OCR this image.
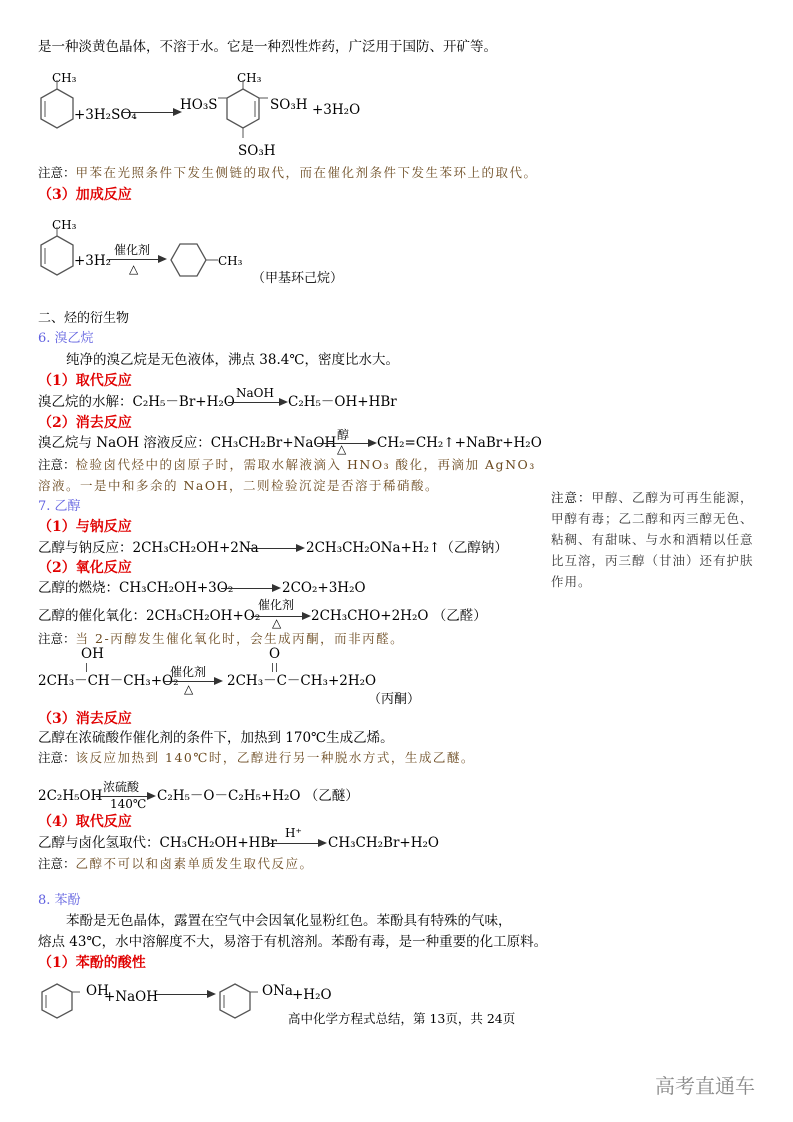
是一种淡黄色晶体，不溶于水。它是一种烈性炸药，广泛用于国防、开矿等。
CH₃
+3H₂SO₄
HO₃S
CH₃
SO₃H +3H₂O
SO₃H
注意：甲苯在光照条件下发生侧链的取代，而在催化剂条件下发生苯环上的取代。
（3）加成反应
CH₃
+3H₂
催化剂
△
CH₃
（甲基环己烷）
二、烃的衍生物
6. 溴乙烷
纯净的溴乙烷是无色液体，沸点 38.4℃，密度比水大。
（1）取代反应
溴乙烷的水解：C₂H₅－Br+H₂O
NaOH
C₂H₅－OH+HBr
（2）消去反应
溴乙烷与 NaOH 溶液反应：CH₃CH₂Br+NaOH 醇
△ CH₂=CH₂↑+NaBr+H₂O
注意：检验卤代烃中的卤原子时，需取水解液滴入 HNO₃ 酸化，再滴加 AgNO₃
溶液。一是中和多余的 NaOH，二则检验沉淀是否溶于稀硝酸。
7. 乙醇
（1）与钠反应
乙醇与钠反应：2CH₃CH₂OH+2Na	2CH₃CH₂ONa+H₂↑（乙醇钠）
（2）氧化反应
乙醇的燃烧：CH₃CH₂OH+3O₂	2CO₂+3H₂O
乙醇的催化氧化：2CH₃CH₂OH+O₂
催化剂
△ 2CH₃CHO+2H₂O （乙醛）
注意：当 2-丙醇发生催化氧化时，会生成丙酮，而非丙醛。
OH
2CH₃－CH－CH₃+O₂
催化剂
△
O
2CH₃－C－CH₃+2H₂O
（丙酮）
（3）消去反应
乙醇在浓硫酸作催化剂的条件下，加热到 170℃生成乙烯。
注意：该反应加热到 140℃时，乙醇进行另一种脱水方式，生成乙醚。
2C₂H₅OH
浓硫酸
140℃ C₂H₅－O－C₂H₅+H₂O （乙醚）
（4）取代反应
乙醇与卤化氢取代：CH₃CH₂OH+HBr
H⁺
CH₃CH₂Br+H₂O
注意：乙醇不可以和卤素单质发生取代反应。
注意：甲醇、乙醇为可再生能源，甲醇有毒；乙二醇和丙三醇无色、粘稠、有甜味、与水和酒精以任意比互溶，丙三醇（甘油）还有护肤作用。
8. 苯酚
苯酚是无色晶体，露置在空气中会因氧化显粉红色。苯酚具有特殊的气味，
熔点 43℃，水中溶解度不大，易溶于有机溶剂。苯酚有毒，是一种重要的化工原料。
（1）苯酚的酸性
OH
+NaOH	ONa +H₂O
高中化学方程式总结，第 13页，共 24页
高考直通车
